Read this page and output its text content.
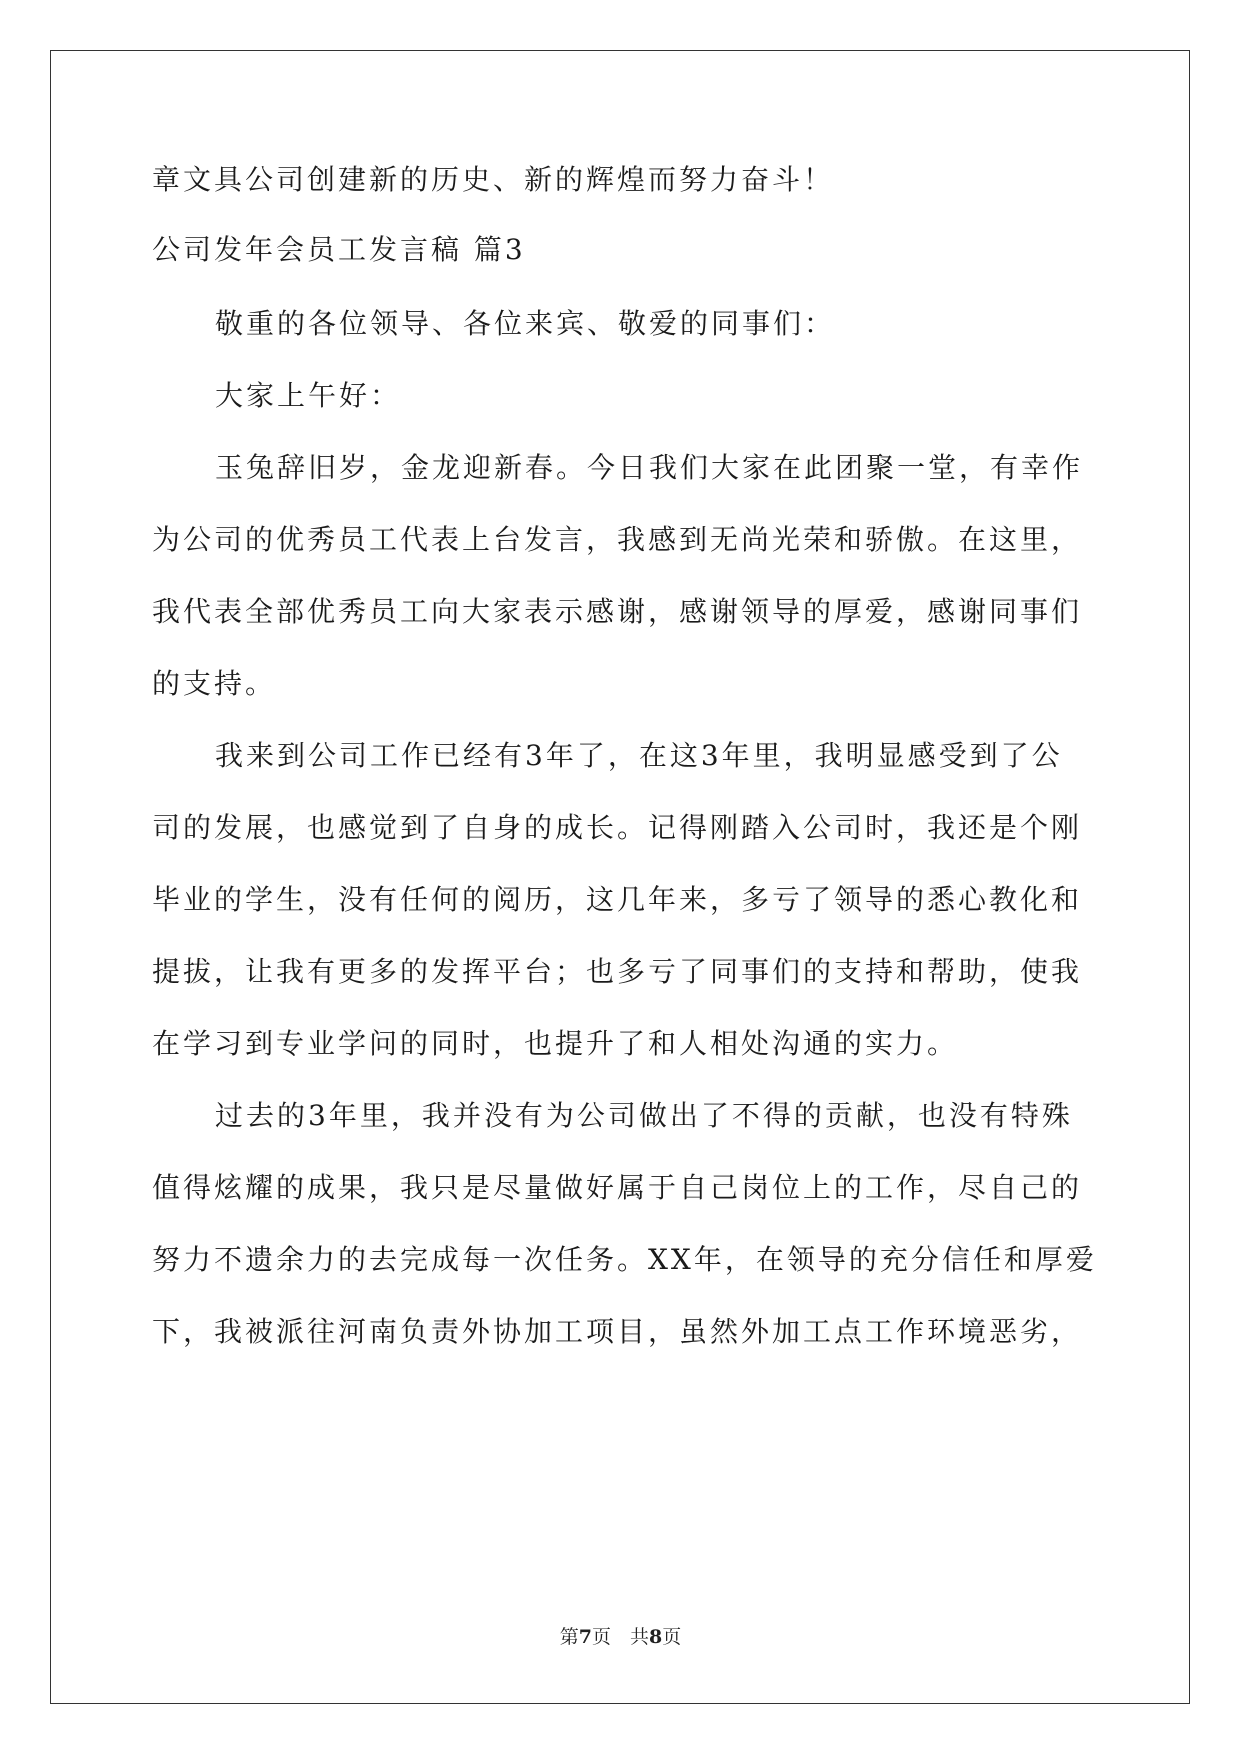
章文具公司创建新的历史、新的辉煌而努力奋斗！
公司发年会员工发言稿 篇3
敬重的各位领导、各位来宾、敬爱的同事们：
大家上午好：
玉兔辞旧岁，金龙迎新春。今日我们大家在此团聚一堂，有幸作
为公司的优秀员工代表上台发言，我感到无尚光荣和骄傲。在这里，
我代表全部优秀员工向大家表示感谢，感谢领导的厚爱，感谢同事们
的支持。
我来到公司工作已经有3年了，在这3年里，我明显感受到了公
司的发展，也感觉到了自身的成长。记得刚踏入公司时，我还是个刚
毕业的学生，没有任何的阅历，这几年来，多亏了领导的悉心教化和
提拔，让我有更多的发挥平台；也多亏了同事们的支持和帮助，使我
在学习到专业学问的同时，也提升了和人相处沟通的实力。
过去的3年里，我并没有为公司做出了不得的贡献，也没有特殊
值得炫耀的成果，我只是尽量做好属于自己岗位上的工作，尽自己的
努力不遗余力的去完成每一次任务。XX年，在领导的充分信任和厚爱
下，我被派往河南负责外协加工项目，虽然外加工点工作环境恶劣，
第7页　共8页
